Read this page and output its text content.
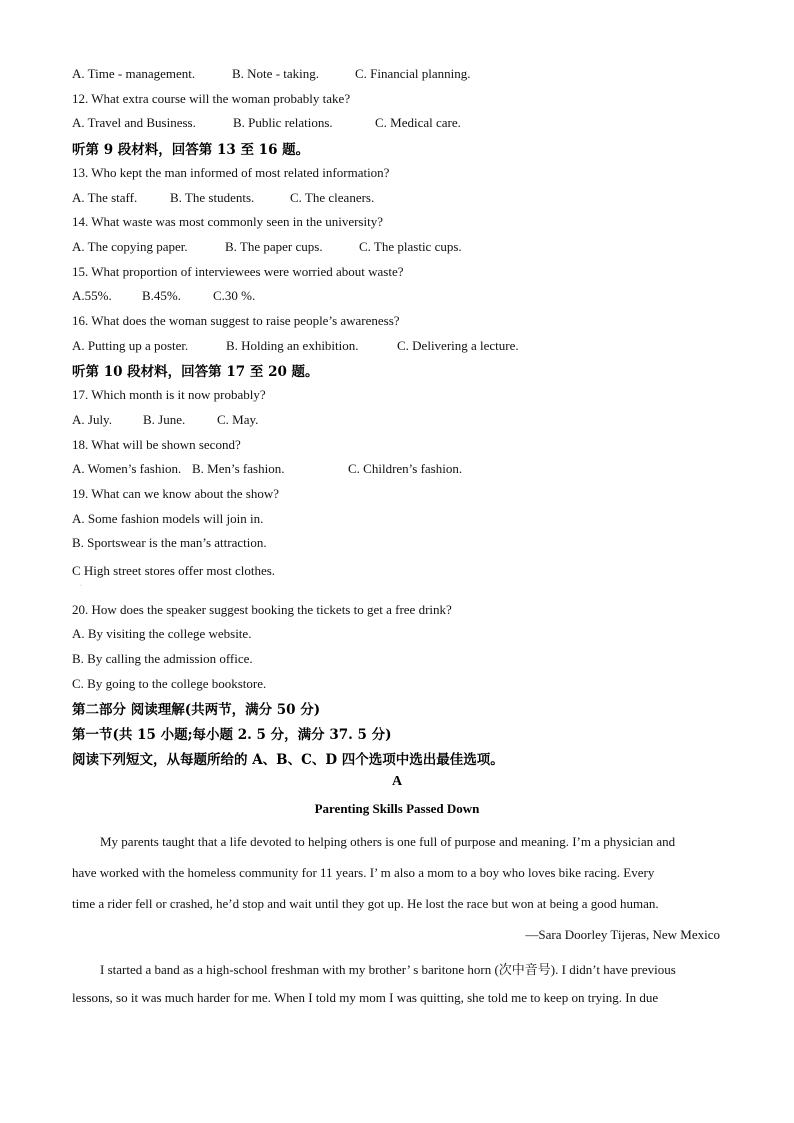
A. Time - management.	B. Note - taking.	C. Financial planning.
12. What extra course will the woman probably take?
A. Travel and Business.	B. Public relations.	C. Medical care.
听第 9 段材料，回答第 13 至 16 题。
13. Who kept the man informed of most related information?
A. The staff.	B. The students.	C. The cleaners.
14. What waste was most commonly seen in the university?
A. The copying paper.	B. The paper cups.	C. The plastic cups.
15. What proportion of interviewees were worried about waste?
A.55%. B.45%. C.30 %.
16. What does the woman suggest to raise people’s awareness?
A. Putting up a poster.	B. Holding an exhibition.	C. Delivering a lecture.
听第 10 段材料，回答第 17 至 20 题。
17. Which month is it now probably?
A. July. B. June. C. May.
18. What will be shown second?
A. Women’s fashion. B. Men’s fashion.	C. Children’s fashion.
19. What can we know about the show?
A. Some fashion models will join in.
B. Sportswear is the man’s attraction.
C High street stores offer most clothes.
·
20. How does the speaker suggest booking the tickets to get a free drink?
A. By visiting the college website.
B. By calling the admission office.
C. By going to the college bookstore.
第二部分 阅读理解(共两节，满分 50 分)
第一节(共 15 小题;每小题 2. 5 分，满分 37. 5 分)
阅读下列短文，从每题所给的 A、B、C、D 四个选项中选出最佳选项。
A
Parenting Skills Passed Down
My parents taught that a life devoted to helping others is one full of purpose and meaning. I’m a physician and
have worked with the homeless community for 11 years. I’ m also a mom to a boy who loves bike racing. Every
time a rider fell or crashed, he’d stop and wait until they got up. He lost the race but won at being a good human.
—Sara Doorley Tijeras, New Mexico
I started a band as a high-school freshman with my brother’ s baritone horn (次中音号). I didn’t have previous
lessons, so it was much harder for me. When I told my mom I was quitting, she told me to keep on trying. In due
